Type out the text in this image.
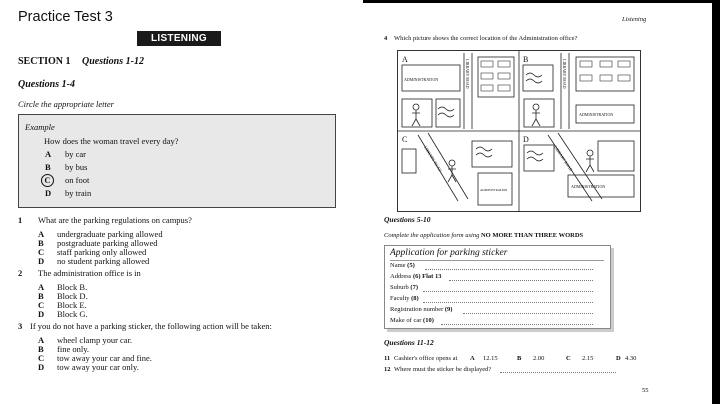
Practice Test 3
LISTENING
SECTION 1 Questions 1-12
Questions 1-4
Circle the appropriate letter
Example
How does the woman travel every day?
A by car
B by bus
C	on foot
D by train
1 What are the parking regulations on campus?
A undergraduate parking allowed
B postgraduate parking allowed
C staff parking only allowed
D no student parking allowed
2 The administration office is in
A Block B.
B Block D.
C Block E.
D Block G.
3 If you do not have a parking sticker, the following action will be taken:
A wheel clamp your car.
B fine only.
C tow away your car and fine.
D tow away your car only.
Listening
4 Which picture shows the correct location of the Administration office?
A	B
C	D
ADMINISTRATION
ADMINISTRATION
ADMINISTRATION
ADMINISTRATION
LIBRARY ROAD	LIBRARY ROAD
LIBRARY ROAD	LIBRARY ROAD
Questions 5-10
Complete the application form using NO MORE THAN THREE WORDS
Application for parking sticker
Name (5)
Address (6) Flat 13
Suburb (7)
Faculty (8)
Registration number (9)
Make of car (10)
Questions 11-12
11 Cashier's office opens at A 12.15	B 2.00	C 2.15	D 4.30
12 Where must the sticker be displayed?
55
